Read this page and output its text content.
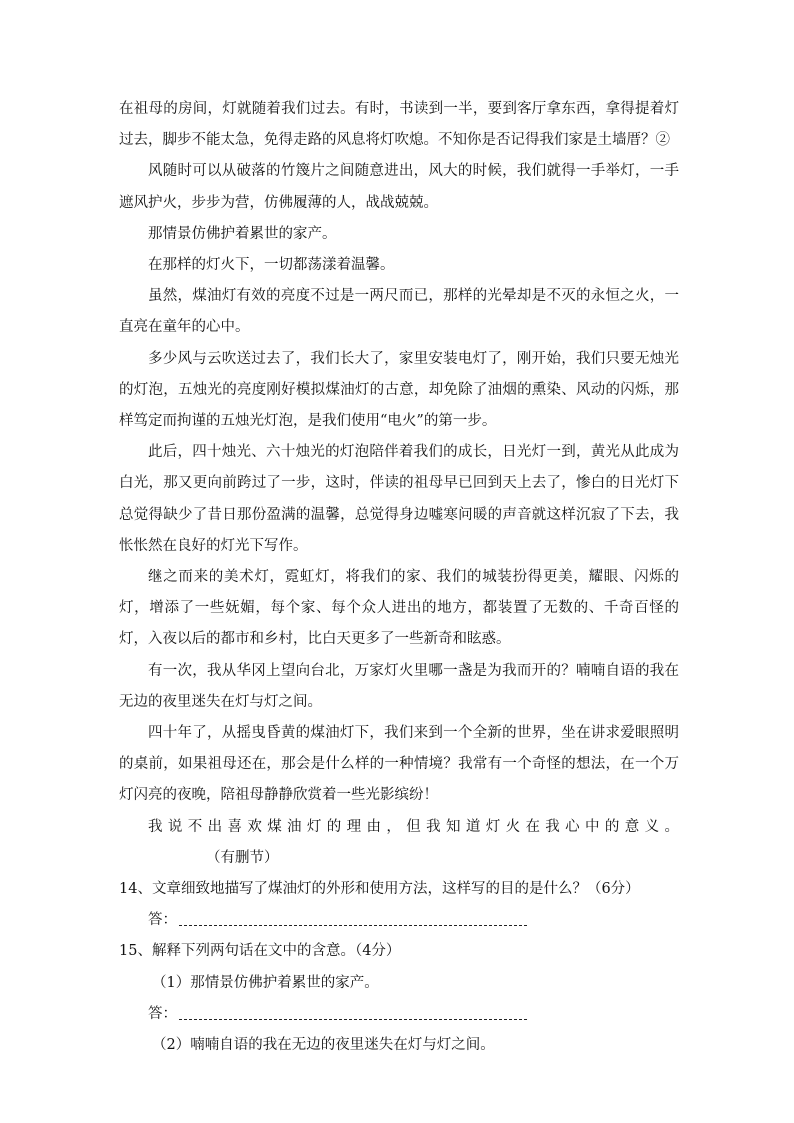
在祖母的房间，灯就随着我们过去。有时，书读到一半，要到客厅拿东西，拿得提着灯过去，脚步不能太急，免得走路的风息将灯吹熄。不知你是否记得我们家是土墙厝？②

风随时可以从破落的竹篾片之间随意进出，风大的时候，我们就得一手举灯，一手遮风护火，步步为营，仿佛履薄的人，战战兢兢。

那情景仿佛护着累世的家产。

在那样的灯火下，一切都荡漾着温馨。

虽然，煤油灯有效的亮度不过是一两尺而已，那样的光晕却是不灭的永恒之火，一直亮在童年的心中。

多少风与云吹送过去了，我们长大了，家里安装电灯了，刚开始，我们只要无烛光的灯泡，五烛光的亮度刚好模拟煤油灯的古意，却免除了油烟的熏染、风动的闪烁，那样笃定而拘谨的五烛光灯泡，是我们使用“电火”的第一步。

此后，四十烛光、六十烛光的灯泡陪伴着我们的成长，日光灯一到，黄光从此成为白光，那又更向前跨过了一步，这时，伴读的祖母早已回到天上去了，惨白的日光灯下总觉得缺少了昔日那份盈满的温馨，总觉得身边嘘寒问暖的声音就这样沉寂了下去，我怅怅然在良好的灯光下写作。

继之而来的美术灯，霓虹灯，将我们的家、我们的城装扮得更美，耀眼、闪烁的灯，增添了一些妩媚，每个家、每个众人进出的地方，都装置了无数的、千奇百怪的灯，入夜以后的都市和乡村，比白天更多了一些新奇和眩惑。

有一次，我从华冈上望向台北，万家灯火里哪一盏是为我而开的？喃喃自语的我在无边的夜里迷失在灯与灯之间。

四十年了，从摇曳昏黄的煤油灯下，我们来到一个全新的世界，坐在讲求爱眼照明的桌前，如果祖母还在，那会是什么样的一种情境？我常有一个奇怪的想法，在一个万灯闪亮的夜晚，陪祖母静静欣赏着一些光影缤纷！

我说不出喜欢煤油灯的理由，但我知道灯火在我心中的意义。（有删节）

14、文章细致地描写了煤油灯的外形和使用方法，这样写的目的是什么？（6分）

答：

15、解释下列两句话在文中的含意。（4分）

（1）那情景仿佛护着累世的家产。

答：

（2）喃喃自语的我在无边的夜里迷失在灯与灯之间。
